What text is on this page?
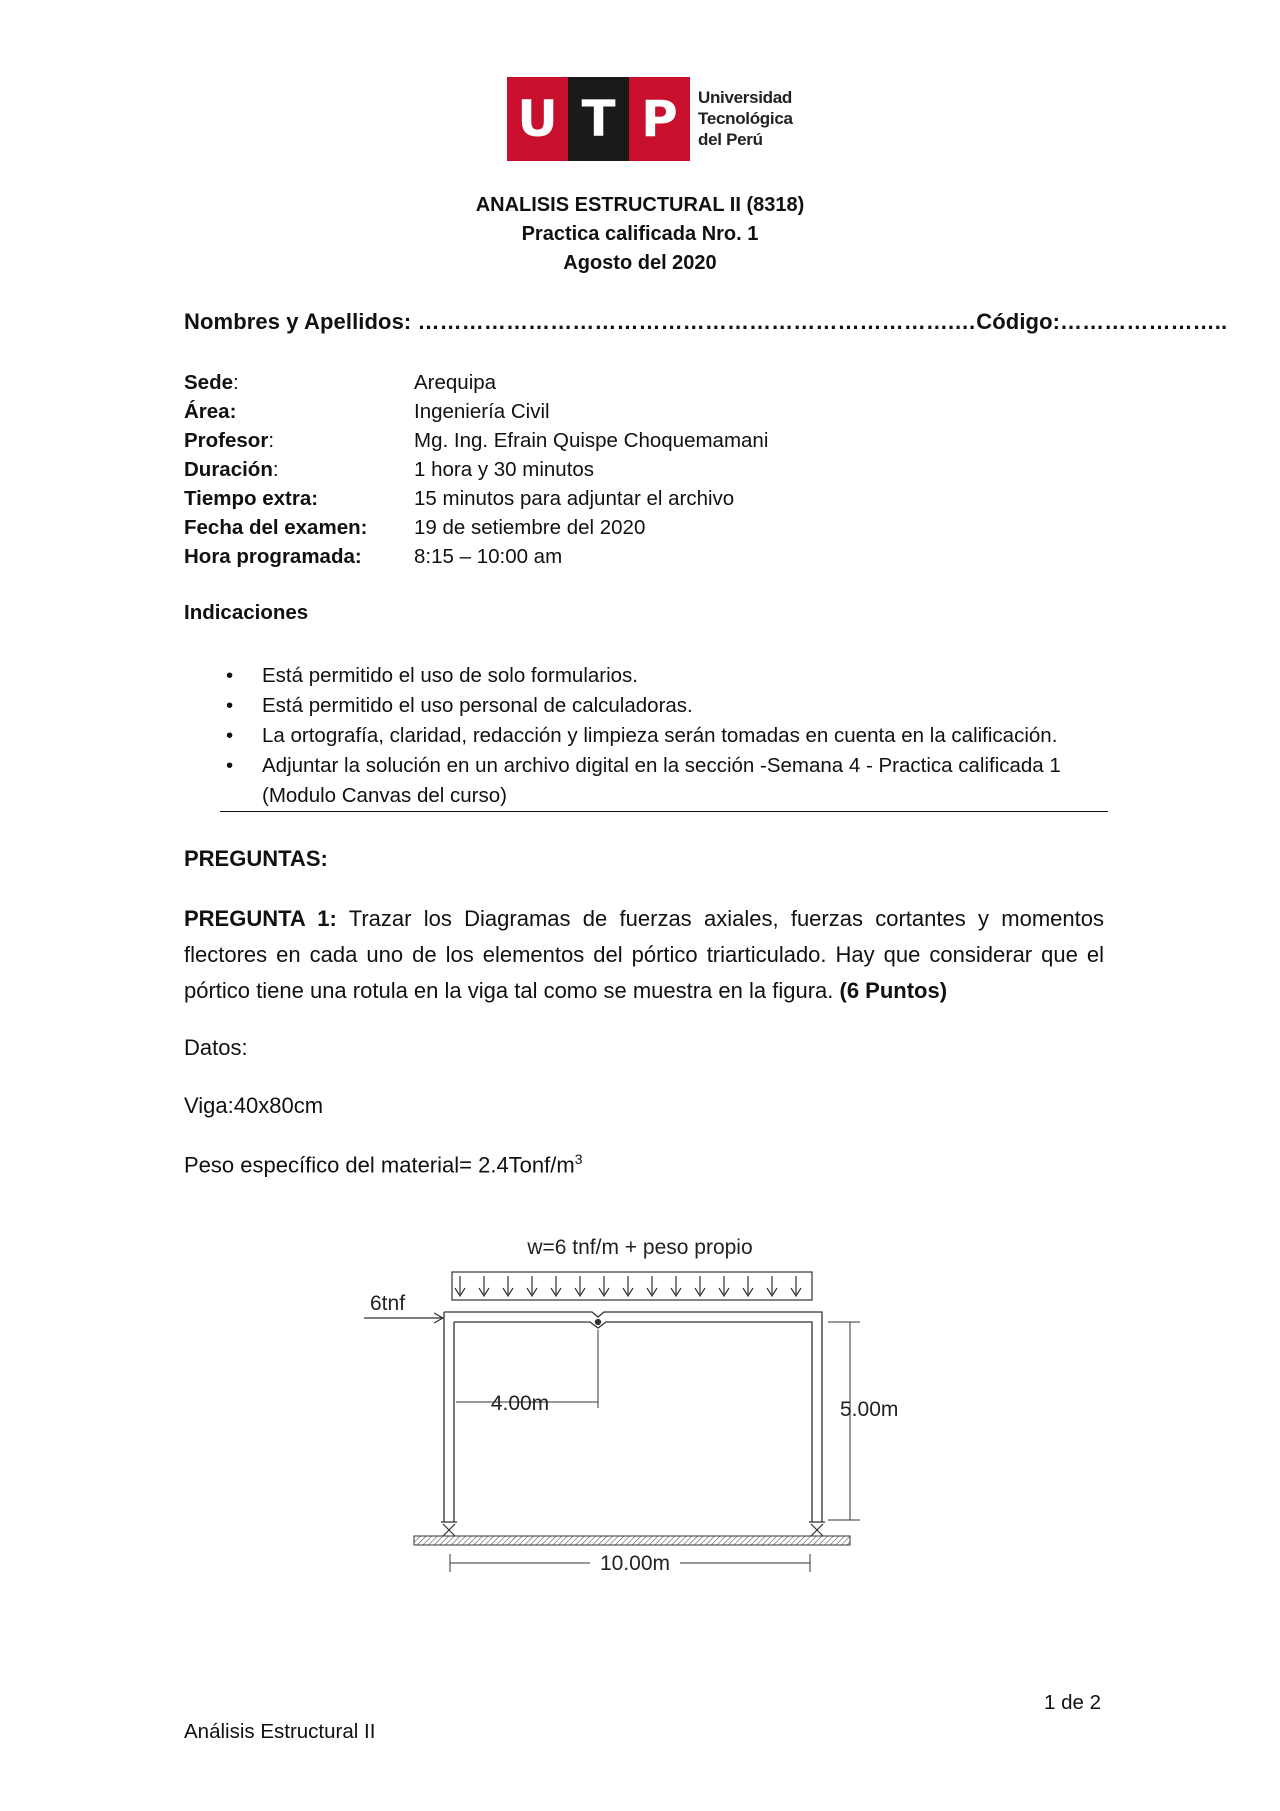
U T P	Universidad
Tecnológica
del Perú
ANALISIS ESTRUCTURAL II (8318)
Practica calificada Nro. 1
Agosto del 2020
Nombres y Apellidos: ……………………………………………………………….…Código:…………………..
Sede:	Arequipa
Área:	Ingeniería Civil
Profesor:	Mg. Ing. Efrain Quispe Choquemamani
Duración:	1 hora y 30 minutos
Tiempo extra:	15 minutos para adjuntar el archivo
Fecha del examen:	19 de setiembre del 2020
Hora programada:	8:15 – 10:00 am
Indicaciones
• Está permitido el uso de solo formularios.
• Está permitido el uso personal de calculadoras.
• La ortografía, claridad, redacción y limpieza serán tomadas en cuenta en la calificación.
• Adjuntar la solución en un archivo digital en la sección -Semana 4 - Practica calificada 1 (Modulo Canvas del curso)
PREGUNTAS:
PREGUNTA 1: Trazar los Diagramas de fuerzas axiales, fuerzas cortantes y momentos flectores en cada uno de los elementos del pórtico triarticulado. Hay que considerar que el pórtico tiene una rotula en la viga tal como se muestra en la figura. (6 Puntos)
Datos:
Viga:40x80cm
Peso específico del material= $2.4Tonf/m^3$
w=6 tnf/m + peso propio
6tnf
4.00m	5.00m
10.00m
1 de 2
Análisis Estructural II
